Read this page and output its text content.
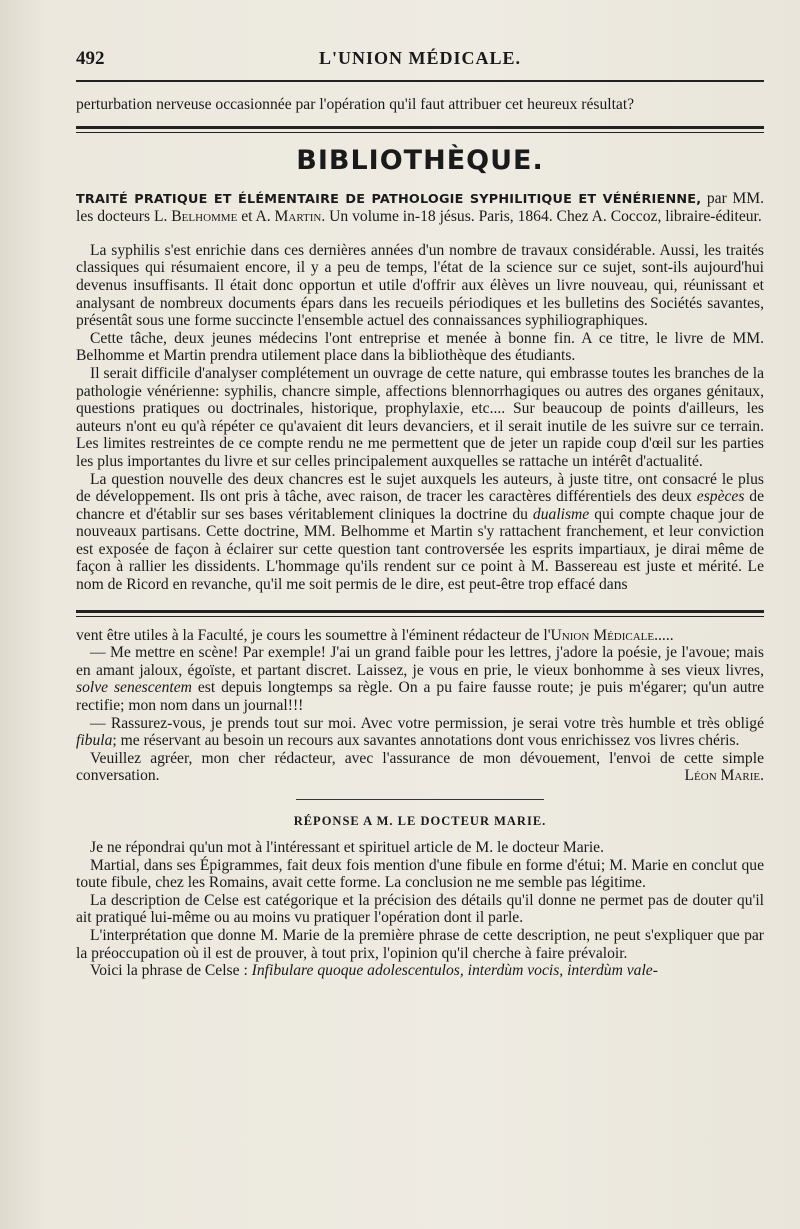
492	L'UNION MÉDICALE.

perturbation nerveuse occasionnée par l'opération qu'il faut attribuer cet heureux résultat?

BIBLIOTHÈQUE.

TRAITÉ PRATIQUE ET ÉLÉMENTAIRE DE PATHOLOGIE SYPHILITIQUE ET VÉNÉRIENNE, par MM. les docteurs L. Belhomme et A. Martin. Un volume in-18 jésus. Paris, 1864. Chez A. Coccoz, libraire-éditeur.

La syphilis s'est enrichie dans ces dernières années d'un nombre de travaux considérable. Aussi, les traités classiques qui résumaient encore, il y a peu de temps, l'état de la science sur ce sujet, sont-ils aujourd'hui devenus insuffisants. Il était donc opportun et utile d'offrir aux élèves un livre nouveau, qui, réunissant et analysant de nombreux documents épars dans les recueils périodiques et les bulletins des Sociétés savantes, présentât sous une forme succincte l'ensemble actuel des connaissances syphiliographiques.

Cette tâche, deux jeunes médecins l'ont entreprise et menée à bonne fin. A ce titre, le livre de MM. Belhomme et Martin prendra utilement place dans la bibliothèque des étudiants.

Il serait difficile d'analyser complétement un ouvrage de cette nature, qui embrasse toutes les branches de la pathologie vénérienne: syphilis, chancre simple, affections blennorrhagiques ou autres des organes génitaux, questions pratiques ou doctrinales, historique, prophylaxie, etc.... Sur beaucoup de points d'ailleurs, les auteurs n'ont eu qu'à répéter ce qu'avaient dit leurs devanciers, et il serait inutile de les suivre sur ce terrain. Les limites restreintes de ce compte rendu ne me permettent que de jeter un rapide coup d'œil sur les parties les plus importantes du livre et sur celles principalement auxquelles se rattache un intérêt d'actualité.

La question nouvelle des deux chancres est le sujet auxquels les auteurs, à juste titre, ont consacré le plus de développement. Ils ont pris à tâche, avec raison, de tracer les caractères différentiels des deux espèces de chancre et d'établir sur ses bases véritablement cliniques la doctrine du dualisme qui compte chaque jour de nouveaux partisans. Cette doctrine, MM. Belhomme et Martin s'y rattachent franchement, et leur conviction est exposée de façon à éclairer sur cette question tant controversée les esprits impartiaux, je dirai même de façon à rallier les dissidents. L'hommage qu'ils rendent sur ce point à M. Bassereau est juste et mérité. Le nom de Ricord en revanche, qu'il me soit permis de le dire, est peut-être trop effacé dans

vent être utiles à la Faculté, je cours les soumettre à l'éminent rédacteur de l'Union Médicale.....

— Me mettre en scène! Par exemple! J'ai un grand faible pour les lettres, j'adore la poésie, je l'avoue; mais en amant jaloux, égoïste, et partant discret. Laissez, je vous en prie, le vieux bonhomme à ses vieux livres, solve senescentem est depuis longtemps sa règle. On a pu faire fausse route; je puis m'égarer; qu'un autre rectifie; mon nom dans un journal!!!

— Rassurez-vous, je prends tout sur moi. Avec votre permission, je serai votre très humble et très obligé fibula; me réservant au besoin un recours aux savantes annotations dont vous enrichissez vos livres chéris.

Veuillez agréer, mon cher rédacteur, avec l'assurance de mon dévouement, l'envoi de cette simple conversation.	Léon Marie.

RÉPONSE A M. LE DOCTEUR MARIE.

Je ne répondrai qu'un mot à l'intéressant et spirituel article de M. le docteur Marie.

Martial, dans ses Épigrammes, fait deux fois mention d'une fibule en forme d'étui; M. Marie en conclut que toute fibule, chez les Romains, avait cette forme. La conclusion ne me semble pas légitime.

La description de Celse est catégorique et la précision des détails qu'il donne ne permet pas de douter qu'il ait pratiqué lui-même ou au moins vu pratiquer l'opération dont il parle.

L'interprétation que donne M. Marie de la première phrase de cette description, ne peut s'expliquer que par la préoccupation où il est de prouver, à tout prix, l'opinion qu'il cherche à faire prévaloir.

Voici la phrase de Celse : Infibulare quoque adolescentulos, interdùm vocis, interdùm vale-
